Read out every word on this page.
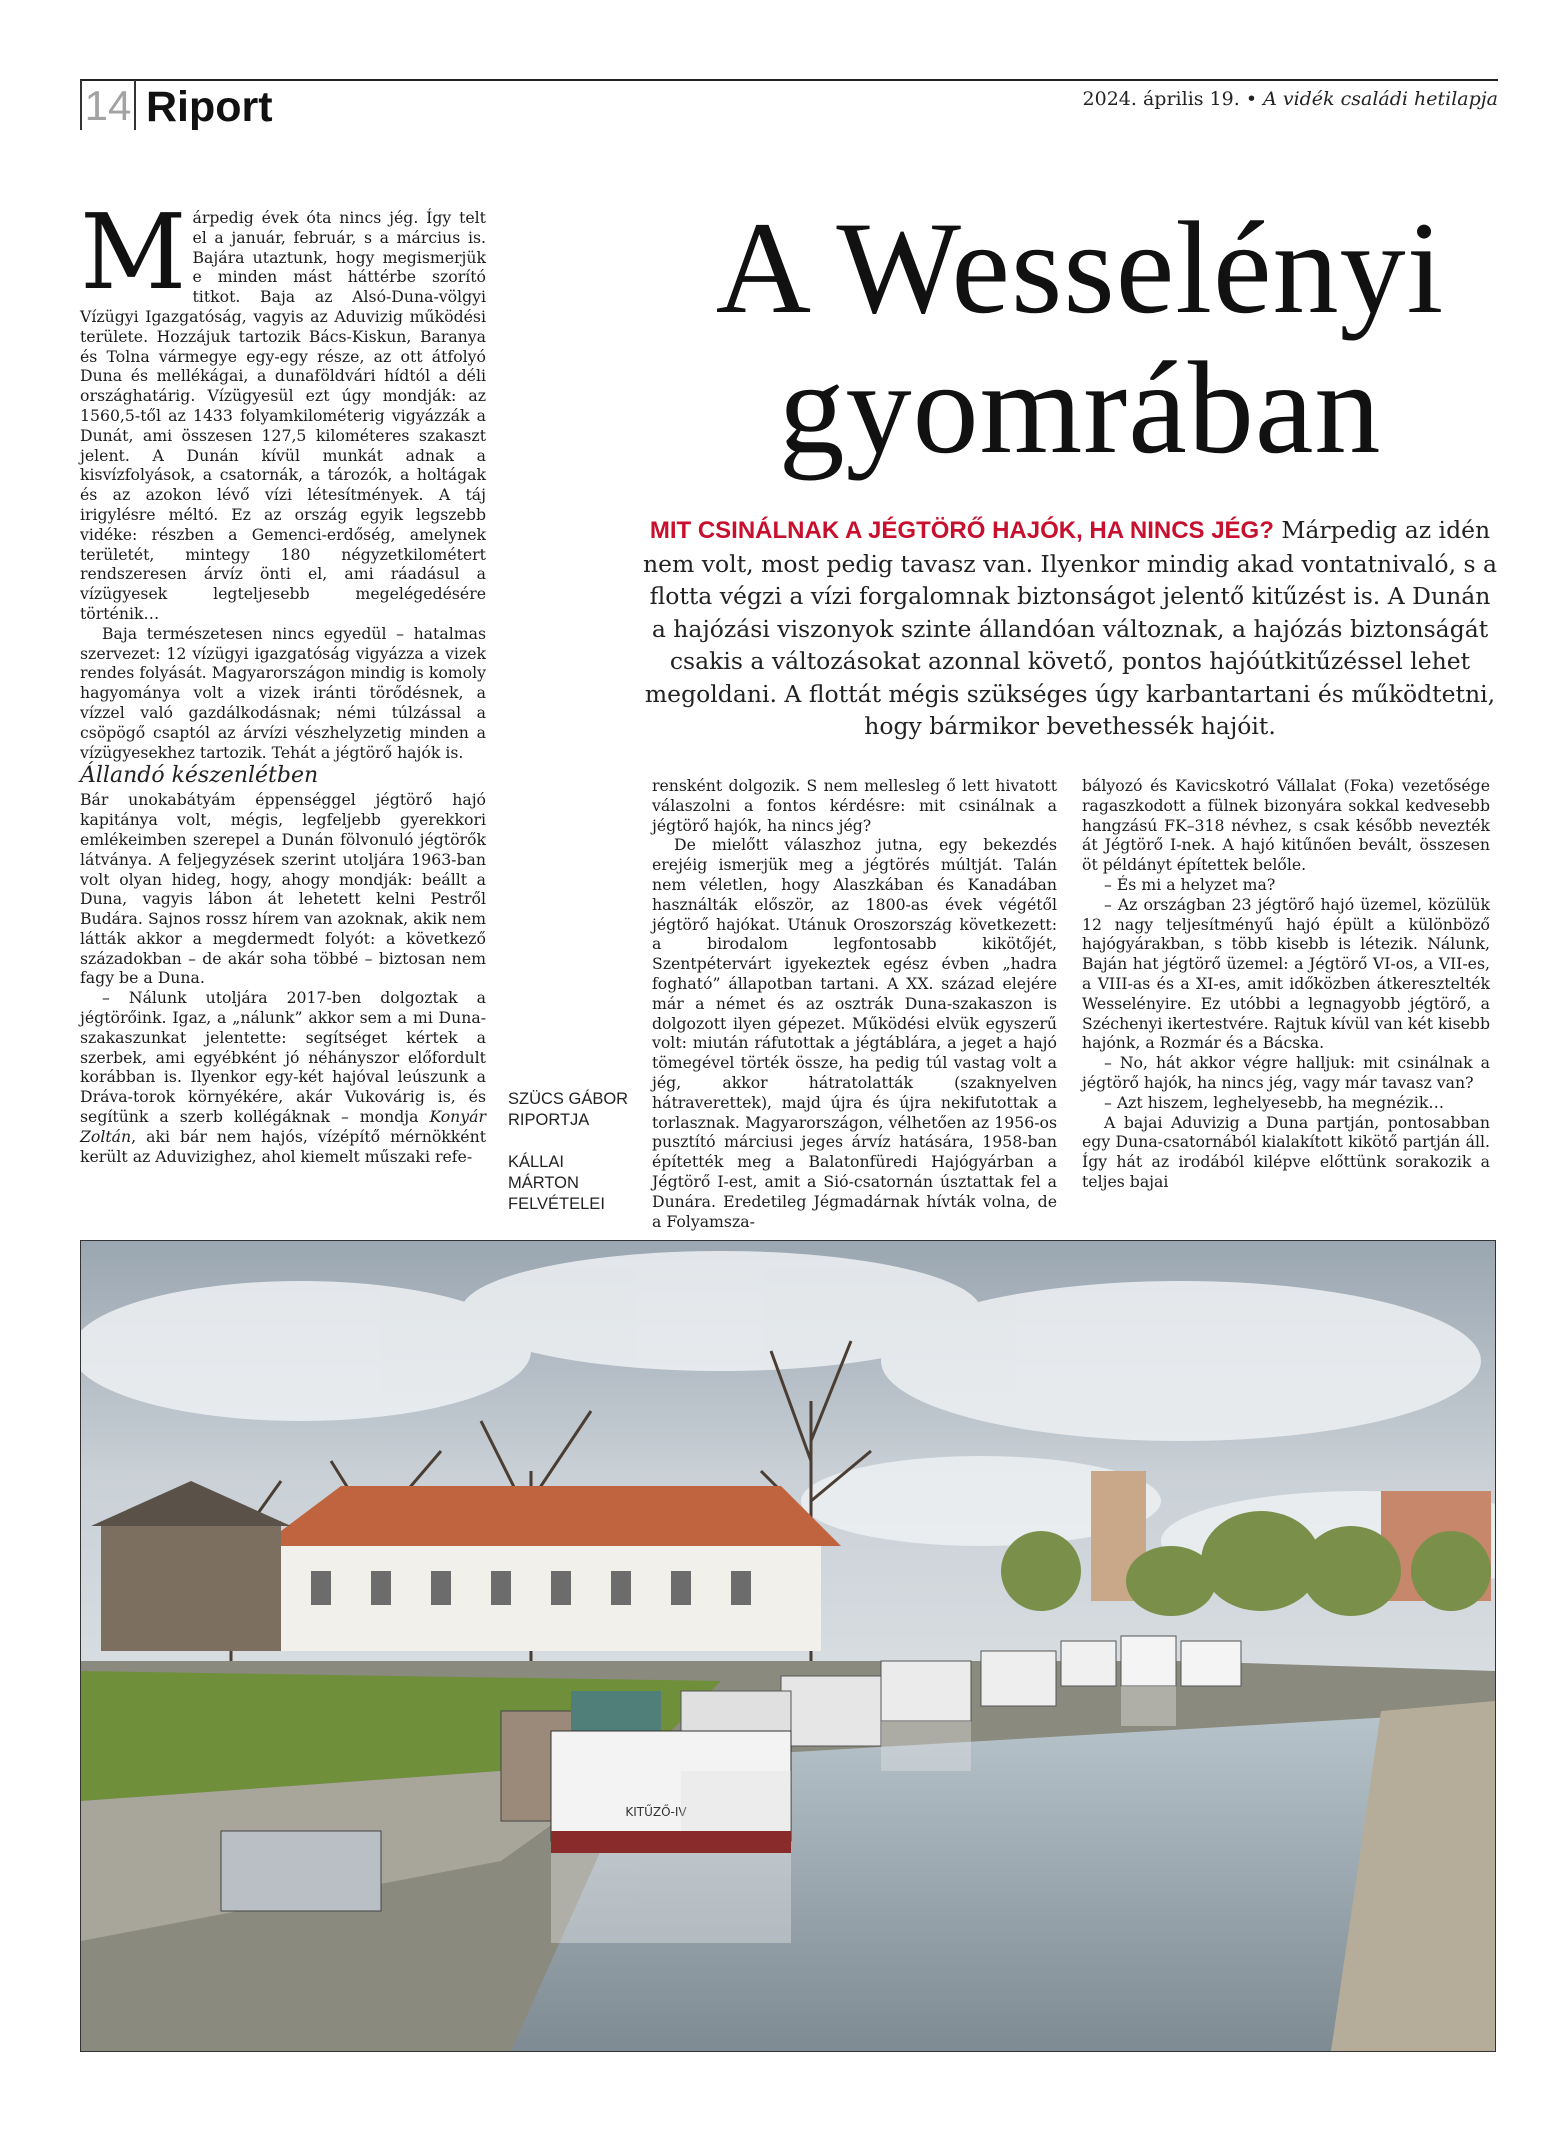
14 Riport	2024. április 19. • A vidék családi hetilapja

Márpedig évek óta nincs jég. Így telt el a január, február, s a március is. Bajára utaztunk, hogy megismerjük e minden mást háttérbe szorító titkot. Baja az Alsó-Duna-völgyi Vízügyi Igazgatóság, vagyis az Aduvizig működési területe. Hozzájuk tartozik Bács-Kiskun, Baranya és Tolna vármegye egy-egy része, az ott átfolyó Duna és mellékágai, a dunaföldvári hídtól a déli országhatárig. Vízügyesül ezt úgy mondják: az 1560,5-től az 1433 folyamkilométerig vigyázzák a Dunát, ami összesen 127,5 kilométeres szakaszt jelent. A Dunán kívül munkát adnak a kisvízfolyások, a csatornák, a tározók, a holtágak és az azokon lévő vízi létesítmények. A táj irigylésre méltó. Ez az ország egyik legszebb vidéke: részben a Gemenci-erdőség, amelynek területét, mintegy 180 négyzetkilométert rendszeresen árvíz önti el, ami ráadásul a vízügyesek legteljesebb megelégedésére történik…

Baja természetesen nincs egyedül – hatalmas szervezet: 12 vízügyi igazgatóság vigyázza a vizek rendes folyását. Magyarországon mindig is komoly hagyománya volt a vizek iránti törődésnek, a vízzel való gazdálkodásnak; némi túlzással a csöpögő csaptól az árvízi vészhelyzetig minden a vízügyesekhez tartozik. Tehát a jégtörő hajók is.

Állandó készenlétben

Bár unokabátyám éppenséggel jégtörő hajó kapitánya volt, mégis, legfeljebb gyerekkori emlékeimben szerepel a Dunán fölvonuló jégtörők látványa. A feljegyzések szerint utoljára 1963-ban volt olyan hideg, hogy, ahogy mondják: beállt a Duna, vagyis lábon át lehetett kelni Pestről Budára. Sajnos rossz hírem van azoknak, akik nem látták akkor a megdermedt folyót: a következő századokban – de akár soha többé – biztosan nem fagy be a Duna.

– Nálunk utoljára 2017-ben dolgoztak a jégtörőink. Igaz, a „nálunk” akkor sem a mi Duna-szakaszunkat jelentette: segítséget kértek a szerbek, ami egyébként jó néhányszor előfordult korábban is. Ilyenkor egy-két hajóval leúszunk a Dráva-torok környékére, akár Vukovárig is, és segítünk a szerb kollégáknak – mondja Konyár Zoltán, aki bár nem hajós, vízépítő mérnökként került az Aduvizighez, ahol kiemelt műszaki refe-

A Wesselényi
gyomrában
MIT CSINÁLNAK A JÉGTÖRŐ HAJÓK, HA NINCS JÉG? Márpedig az idén nem volt, most pedig tavasz van. Ilyenkor mindig akad vontatnivaló, s a flotta végzi a vízi forgalomnak biztonságot jelentő kitűzést is. A Dunán a hajózási viszonyok szinte állandóan változnak, a hajózás biztonságát csakis a változásokat azonnal követő, pontos hajóútkitűzéssel lehet megoldani. A flottát mégis szükséges úgy karbantartani és működtetni, hogy bármikor bevethessék hajóit.
SZÜCS GÁBOR
RIPORTJA
KÁLLAI
MÁRTON
FELVÉTELEI

rensként dolgozik. S nem mellesleg ő lett hivatott válaszolni a fontos kérdésre: mit csinálnak a jégtörő hajók, ha nincs jég?

De mielőtt válaszhoz jutna, egy bekezdés erejéig ismerjük meg a jégtörés múltját. Talán nem véletlen, hogy Alaszkában és Kanadában használták először, az 1800-as évek végétől jégtörő hajókat. Utánuk Oroszország következett: a birodalom legfontosabb kikötőjét, Szentpétervárt igyekeztek egész évben „hadra fogható” állapotban tartani. A XX. század elejére már a német és az osztrák Duna-szakaszon is dolgozott ilyen gépezet. Működési elvük egyszerű volt: miután ráfutottak a jégtáblára, a jeget a hajó tömegével törték össze, ha pedig túl vastag volt a jég, akkor hátratolatták (szaknyelven hátraverettek), majd újra és újra nekifutottak a torlasznak. Magyarországon, vélhetően az 1956-os pusztító márciusi jeges árvíz hatására, 1958-ban építették meg a Balatonfüredi Hajógyárban a Jégtörő I-est, amit a Sió-csatornán úsztattak fel a Dunára. Eredetileg Jégmadárnak hívták volna, de a Folyamsza-

bályozó és Kavicskotró Vállalat (Foka) vezetősége ragaszkodott a fülnek bizonyára sokkal kedvesebb hangzású FK–318 névhez, s csak később nevezték át Jégtörő I-nek. A hajó kitűnően bevált, összesen öt példányt építettek belőle.

– És mi a helyzet ma?

– Az országban 23 jégtörő hajó üzemel, közülük 12 nagy teljesítményű hajó épült a különböző hajógyárakban, s több kisebb is létezik. Nálunk, Baján hat jégtörő üzemel: a Jégtörő VI-os, a VII-es, a VIII-as és a XI-es, amit időközben átkeresztelték Wesselényire. Ez utóbbi a legnagyobb jégtörő, a Széchenyi ikertestvére. Rajtuk kívül van két kisebb hajónk, a Rozmár és a Bácska.

– No, hát akkor végre halljuk: mit csinálnak a jégtörő hajók, ha nincs jég, vagy már tavasz van?

– Azt hiszem, leghelyesebb, ha megnézik…

A bajai Aduvizig a Duna partján, pontosabban egy Duna-csatornából kialakított kikötő partján áll. Így hát az irodából kilépve előttünk sorakozik a teljes bajai

KITŰZŐ-IV
